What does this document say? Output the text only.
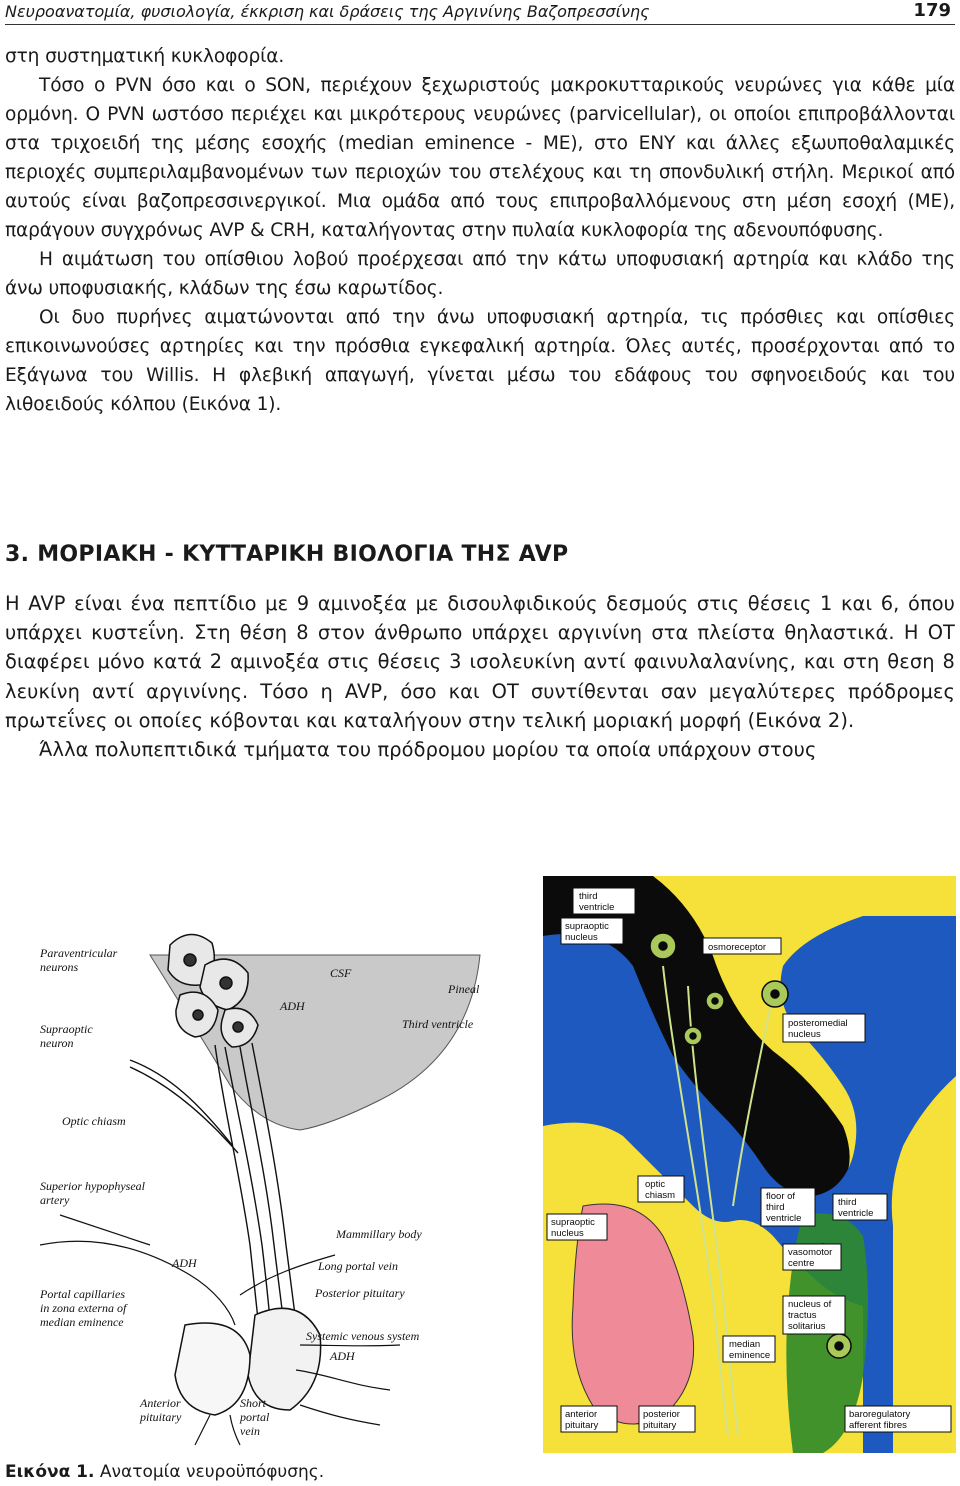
Νευροανατομία, φυσιολογία, έκκριση και δράσεις της Αργινίνης Βαζοπρεσσίνης	179

στη συστηματική κυκλοφορία.

Τόσο ο PVN όσο και ο SON, περιέχουν ξεχωριστούς μακροκυτταρικούς νευρώνες για κάθε μία ορμόνη. Ο PVN ωστόσο περιέχει και μικρότερους νευρώνες (parvicellular), οι οποίοι επιπροβάλλονται στα τριχοειδή της μέσης εσοχής (median eminence - ME), στο ENY και άλλες εξωυποθαλαμικές περιοχές συμπεριλαμβανομένων των περιοχών του στελέχους και τη σπονδυλική στήλη. Μερικοί από αυτούς είναι βαζοπρεσσινεργικοί. Μια ομάδα από τους επιπροβαλλόμενους στη μέση εσοχή (ME), παράγουν συγχρόνως AVP & CRH, καταλήγοντας στην πυλαία κυκλοφορία της αδενουπόφυσης.

Η αιμάτωση του οπίσθιου λοβού προέρχεσαι από την κάτω υποφυσιακή αρτηρία και κλάδο της άνω υποφυσιακής, κλάδων της έσω καρωτίδος.

Οι δυο πυρήνες αιματώνονται από την άνω υποφυσιακή αρτηρία, τις πρόσθιες και οπίσθιες επικοινωνούσες αρτηρίες και την πρόσθια εγκεφαλική αρτηρία. Όλες αυτές, προσέρχονται από το Εξάγωνα του Willis. Η φλεβική απαγωγή, γίνεται μέσω του εδάφους του σφηνοειδούς και του λιθοειδούς κόλπου (Εικόνα 1).

3. ΜΟΡΙΑΚΗ - ΚΥΤΤΑΡΙΚΗ ΒΙΟΛΟΓΙΑ ΤΗΣ AVP

Η AVP είναι ένα πεπτίδιο με 9 αμινοξέα με δισουλφιδικούς δεσμούς στις θέσεις 1 και 6, όπου υπάρχει κυστεΐνη. Στη θέση 8 στον άνθρωπο υπάρχει αργινίνη στα πλείστα θηλαστικά. Η OT διαφέρει μόνο κατά 2 αμινοξέα στις θέσεις 3 ισολευκίνη αντί φαινυλαλανίνης, και στη θεση 8 λευκίνη αντί αργινίνης. Τόσο η AVP, όσο και OT συντίθενται σαν μεγαλύτερες πρόδρομες πρωτεΐνες οι οποίες κόβονται και καταλήγουν στην τελική μοριακή μορφή (Εικόνα 2).

Άλλα πολυπεπτιδικά τμήματα του πρόδρομου μορίου τα οποία υπάρχουν στους

Paraventricular neurons	CSF
Pineal
ADH
Third ventricle
Supraoptic neuron
Optic chiasm
Superior hypophyseal artery
Mammillary body
ADH	Long portal vein
Posterior pituitary
Portal capillaries in zona externa of median eminence
Systemic venous system
ADH
Anterior pituitary
Short portal vein
third ventricle
supraoptic nucleus
osmoreceptor
posteromedial nucleus
optic chiasm
supraoptic nucleus
floor of third ventricle
third ventricle
vasomotor centre
nucleus of tractus solitarius
median eminence
anterior pituitary
posterior pituitary
baroregulatory afferent fibres
Εικόνα 1. Ανατομία νευροϋπόφυσης.
